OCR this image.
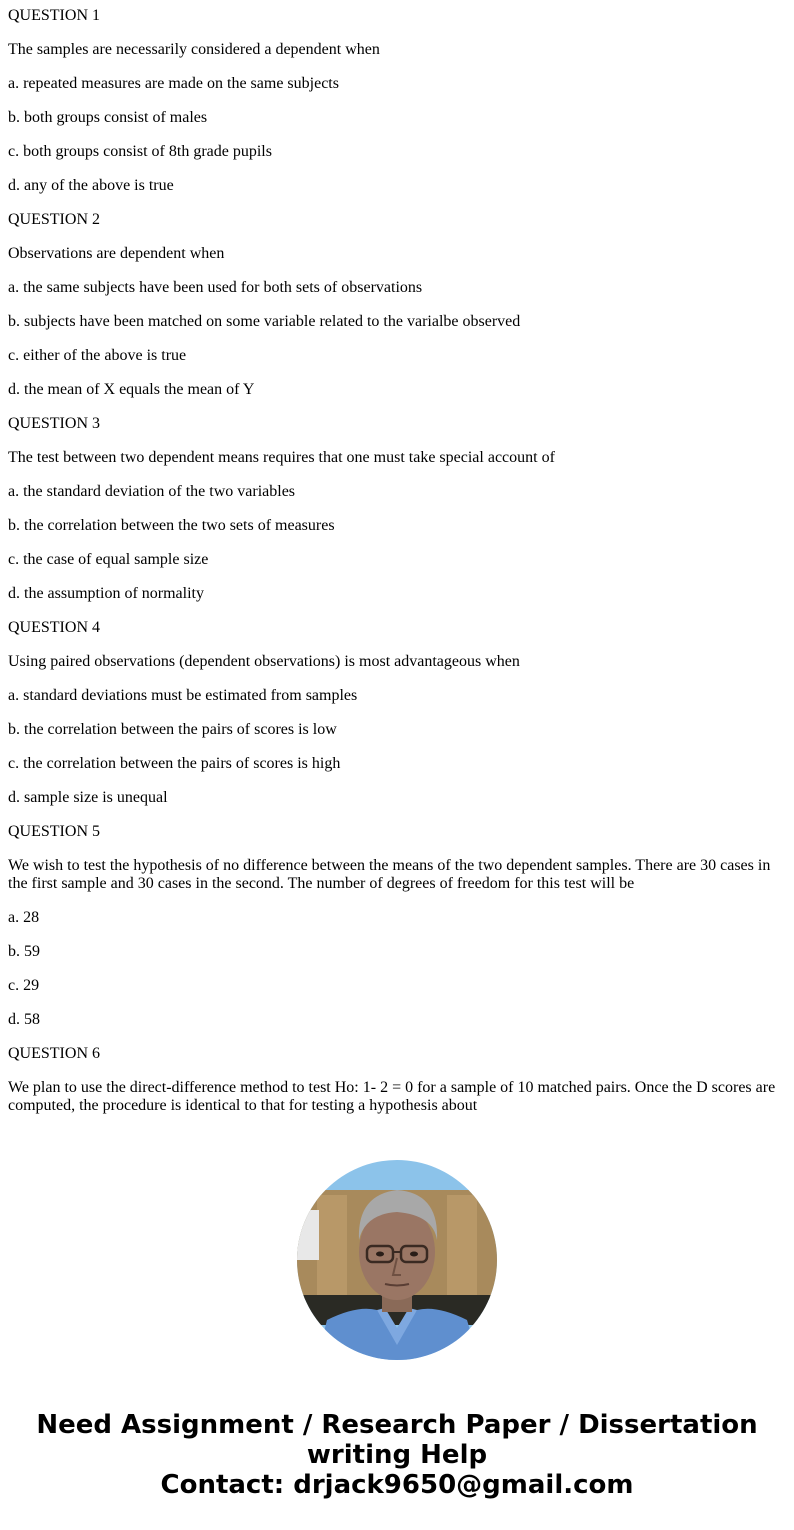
QUESTION 1

The samples are necessarily considered a dependent when

a. repeated measures are made on the same subjects

b. both groups consist of males

c. both groups consist of 8th grade pupils

d. any of the above is true

QUESTION 2

Observations are dependent when

a. the same subjects have been used for both sets of observations

b. subjects have been matched on some variable related to the varialbe observed

c. either of the above is true

d. the mean of X equals the mean of Y

QUESTION 3

The test between two dependent means requires that one must take special account of

a. the standard deviation of the two variables

b. the correlation between the two sets of measures

c. the case of equal sample size

d. the assumption of normality

QUESTION 4

Using paired observations (dependent observations) is most advantageous when

a. standard deviations must be estimated from samples

b. the correlation between the pairs of scores is low

c. the correlation between the pairs of scores is high

d. sample size is unequal

QUESTION 5

We wish to test the hypothesis of no difference between the means of the two dependent samples. There are 30 cases in the first sample and 30 cases in the second. The number of degrees of freedom for this test will be

a. 28

b. 59

c. 29

d. 58

QUESTION 6

We plan to use the direct-difference method to test Ho: 1- 2 = 0 for a sample of 10 matched pairs. Once the D scores are computed, the procedure is identical to that for testing a hypothesis about

Need Assignment / Research Paper / Dissertation
writing Help
Contact: drjack9650@gmail.com
